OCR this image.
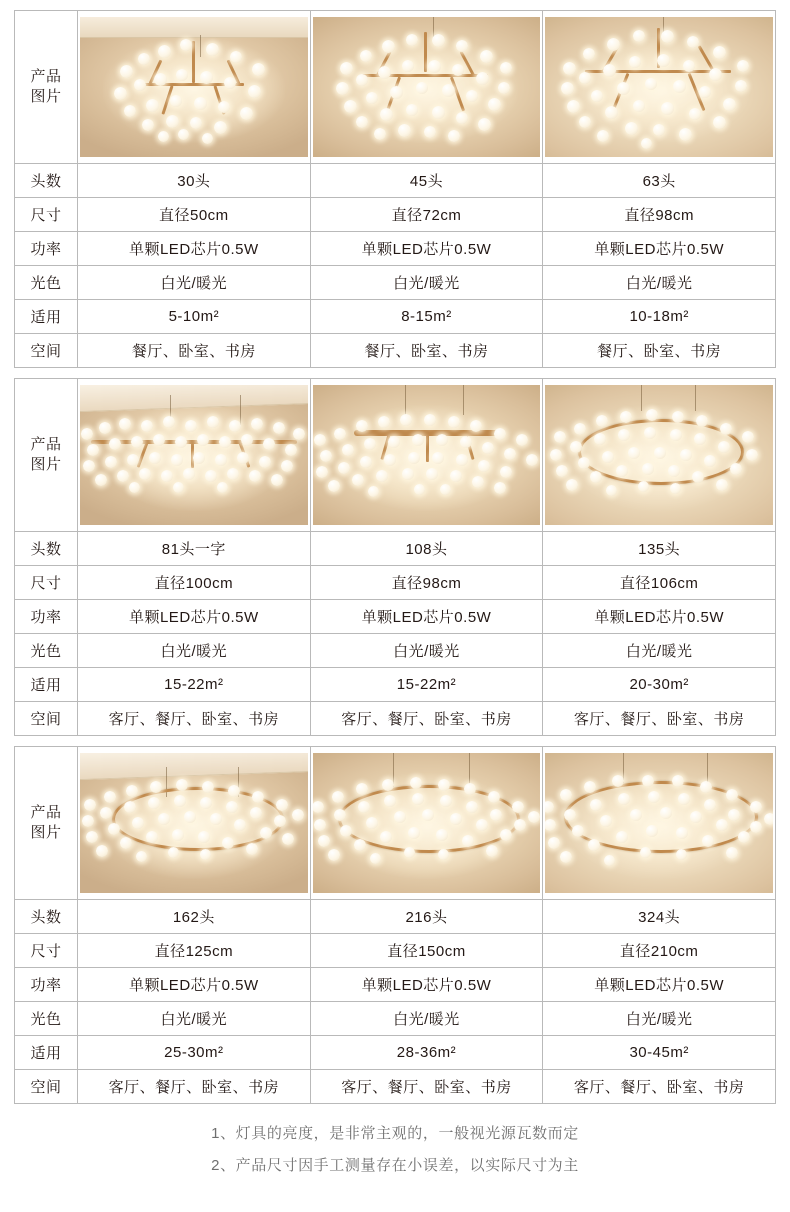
产品
图片	

头数	30头	45头	63头
尺寸	直径50cm	直径72cm	直径98cm
功率	单颗LED芯片0.5W	单颗LED芯片0.5W	单颗LED芯片0.5W
光色	白光/暖光	白光/暖光	白光/暖光
适用	5-10m²	8-15m²	10-18m²
空间	餐厅、卧室、书房	餐厅、卧室、书房	餐厅、卧室、书房
产品
图片	

头数	81头一字	108头	135头
尺寸	直径100cm	直径98cm	直径106cm
功率	单颗LED芯片0.5W	单颗LED芯片0.5W	单颗LED芯片0.5W
光色	白光/暖光	白光/暖光	白光/暖光
适用	15-22m²	15-22m²	20-30m²
空间	客厅、餐厅、卧室、书房	客厅、餐厅、卧室、书房	客厅、餐厅、卧室、书房
产品
图片	

头数	162头	216头	324头
尺寸	直径125cm	直径150cm	直径210cm
功率	单颗LED芯片0.5W	单颗LED芯片0.5W	单颗LED芯片0.5W
光色	白光/暖光	白光/暖光	白光/暖光
适用	25-30m²	28-36m²	30-45m²
空间	客厅、餐厅、卧室、书房	客厅、餐厅、卧室、书房	客厅、餐厅、卧室、书房
1、灯具的亮度，是非常主观的，一般视光源瓦数而定
2、产品尺寸因手工测量存在小误差，以实际尺寸为主
